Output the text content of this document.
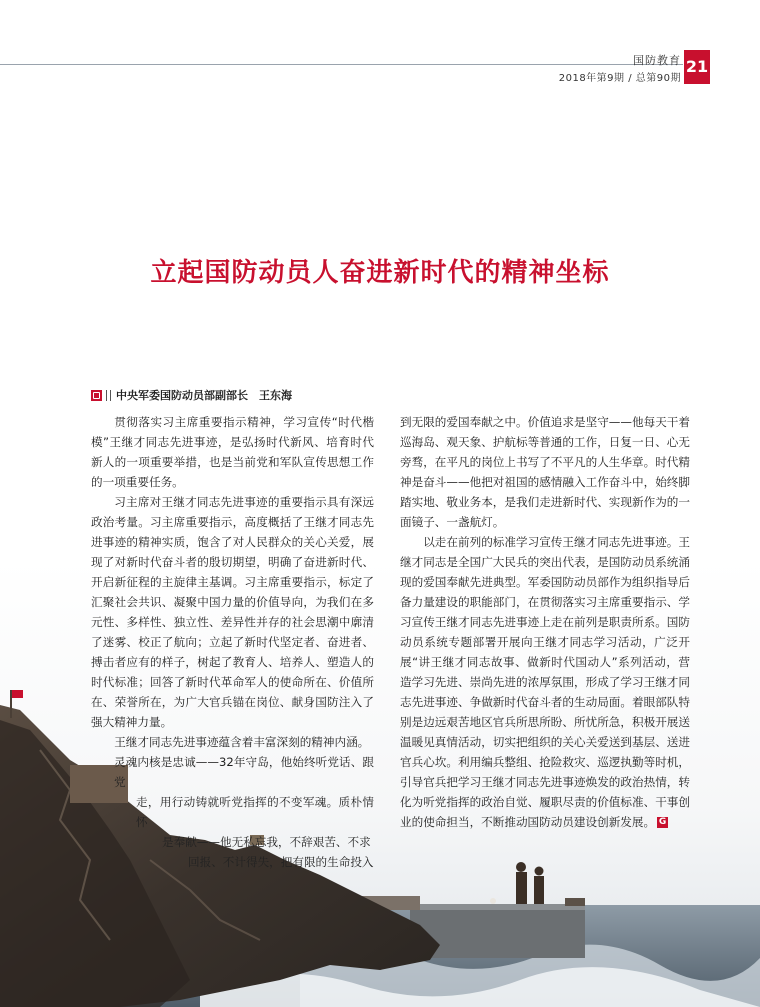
国防教育
2018年第9期 / 总第90期
21
立起国防动员人奋进新时代的精神坐标
中央军委国防动员部副部长　王东海

贯彻落实习主席重要指示精神，学习宣传“时代楷模”王继才同志先进事迹，是弘扬时代新风、培育时代新人的一项重要举措，也是当前党和军队宣传思想工作的一项重要任务。

习主席对王继才同志先进事迹的重要指示具有深远政治考量。习主席重要指示，高度概括了王继才同志先进事迹的精神实质，饱含了对人民群众的关心关爱，展现了对新时代奋斗者的殷切期望，明确了奋进新时代、开启新征程的主旋律主基调。习主席重要指示，标定了汇聚社会共识、凝聚中国力量的价值导向，为我们在多元性、多样性、独立性、差异性并存的社会思潮中廓清了迷雾、校正了航向；立起了新时代坚定者、奋进者、搏击者应有的样子，树起了教育人、培养人、塑造人的时代标准；回答了新时代革命军人的使命所在、价值所在、荣誉所在，为广大官兵锚在岗位、献身国防注入了强大精神力量。

王继才同志先进事迹蕴含着丰富深刻的精神内涵。

灵魂内核是忠诚——32年守岛，他始终听党话、跟党

走，用行动铸就听党指挥的不变军魂。质朴情怀

是奉献——他无私忘我，不辞艰苦、不求

回报、不计得失，把有限的生命投入

到无限的爱国奉献之中。价值追求是坚守——他每天干着巡海岛、观天象、护航标等普通的工作，日复一日、心无旁骛，在平凡的岗位上书写了不平凡的人生华章。时代精神是奋斗——他把对祖国的感情融入工作奋斗中，始终脚踏实地、敬业务本，是我们走进新时代、实现新作为的一面镜子、一盏航灯。

以走在前列的标准学习宣传王继才同志先进事迹。王继才同志是全国广大民兵的突出代表，是国防动员系统涌现的爱国奉献先进典型。军委国防动员部作为组织指导后备力量建设的职能部门，在贯彻落实习主席重要指示、学习宣传王继才同志先进事迹上走在前列是职责所系。国防动员系统专题部署开展向王继才同志学习活动，广泛开展“讲王继才同志故事、做新时代国动人”系列活动，营造学习先进、崇尚先进的浓厚氛围，形成了学习王继才同志先进事迹、争做新时代奋斗者的生动局面。着眼部队特别是边远艰苦地区官兵所思所盼、所忧所急，积极开展送温暖见真情活动，切实把组织的关心关爱送到基层、送进官兵心坎。利用编兵整组、抢险救灾、巡逻执勤等时机，引导官兵把学习王继才同志先进事迹焕发的政治热情，转化为听党指挥的政治自觉、履职尽责的价值标准、干事创业的使命担当，不断推动国防动员建设创新发展。 G
